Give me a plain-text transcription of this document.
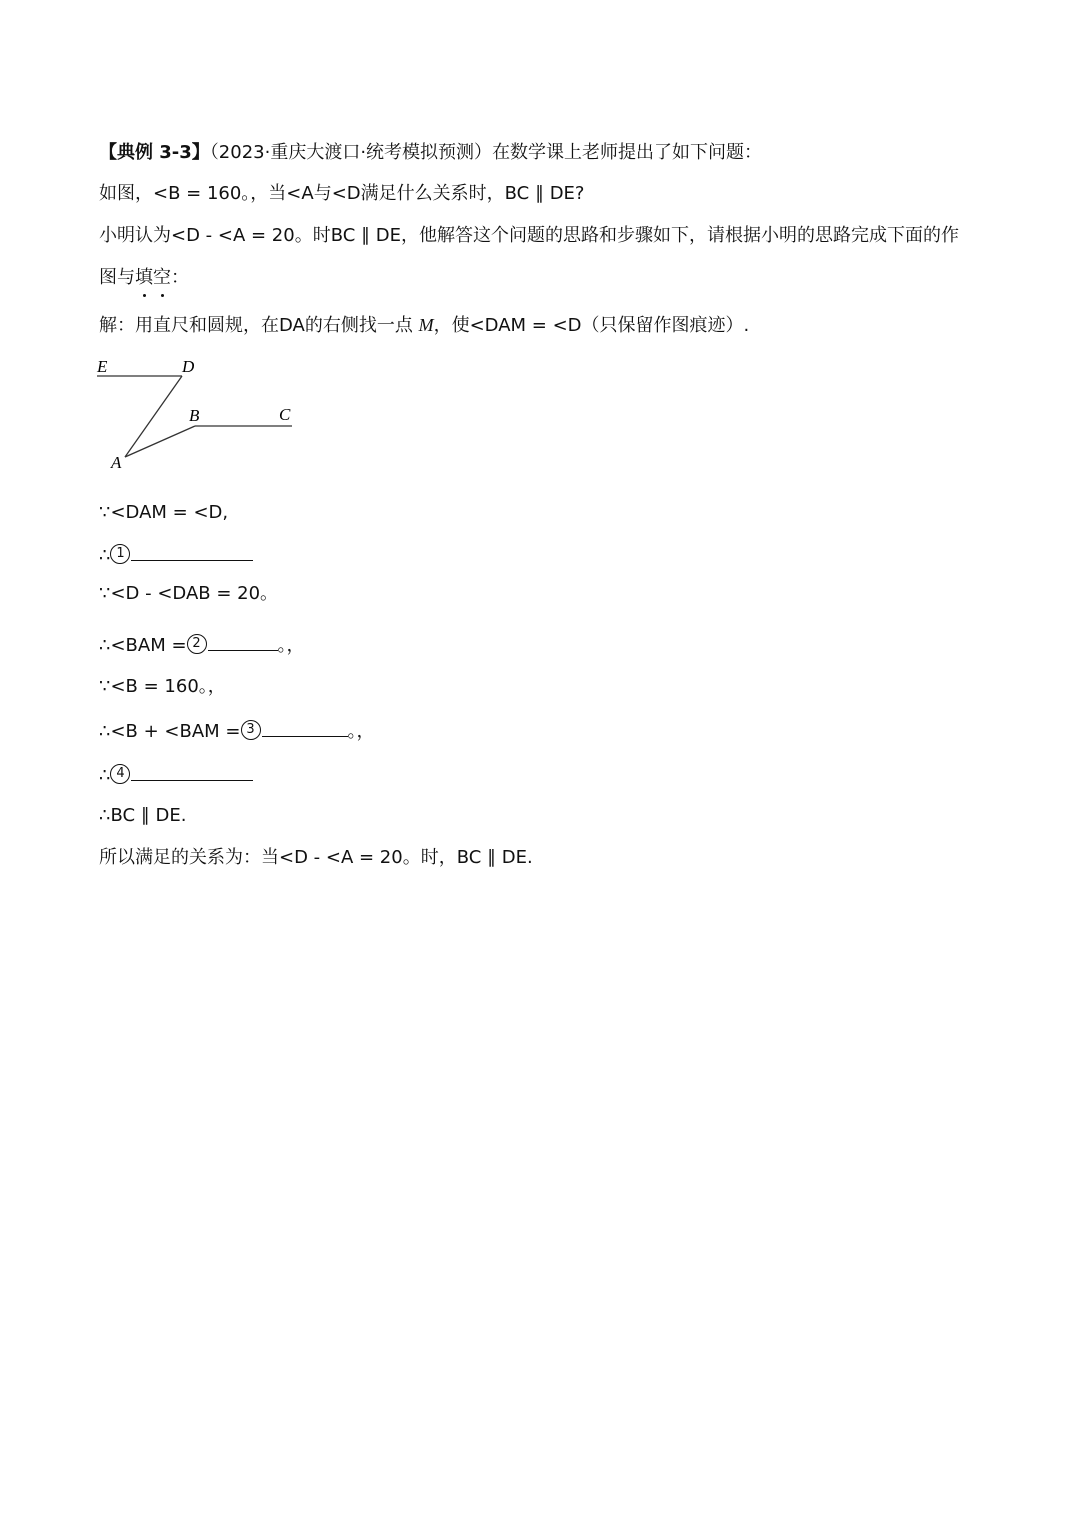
【典例 3-3】（2023·重庆大渡口·统考模拟预测）在数学课上老师提出了如下问题：
如图，<B = 160。，当<A与<D满足什么关系时，BC ∥ DE?
小明认为<D - <A = 20。时BC ∥ DE，他解答这个问题的思路和步骤如下，请根据小明的思路完成下面的作
图与填空：
解：用直尺和圆规，在DA的右侧找一点 M，使<DAM = <D（只保留作图痕迹）.
E	D
B	C
A
∵<DAM = <D,
∴ 1
∵<D - <DAB = 20。
∴<BAM = 2	。，
∵<B = 160。，
∴<B + <BAM = 3	。，
∴ 4
∴BC ∥ DE.
所以满足的关系为：当<D - <A = 20。时，BC ∥ DE.
